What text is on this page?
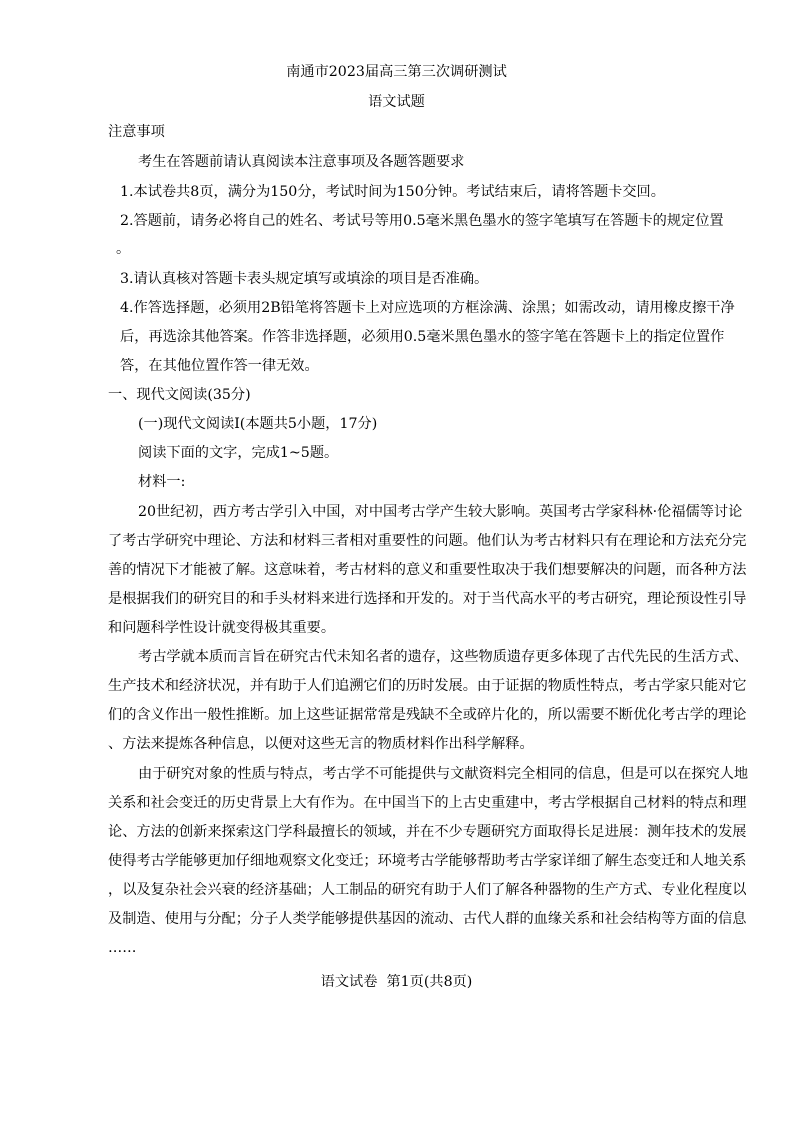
南通市2023届高三第三次调研测试
语文试题
注意事项
考生在答题前请认真阅读本注意事项及各题答题要求
1.本试卷共8页，满分为150分，考试时间为150分钟。考试结束后，请将答题卡交回。
2.答题前，请务必将自己的姓名、考试号等用0.5毫米黑色墨水的签字笔填写在答题卡的规定位置
。
3.请认真核对答题卡表头规定填写或填涂的项目是否准确。
4.作答选择题，必须用2B铅笔将答题卡上对应选项的方框涂满、涂黑；如需改动，请用橡皮擦干净
后，再选涂其他答案。作答非选择题，必须用0.5毫米黑色墨水的签字笔在答题卡上的指定位置作
答，在其他位置作答一律无效。
一、现代文阅读(35分)
(一)现代文阅读Ⅰ(本题共5小题，17分)
阅读下面的文字，完成1~5题。
材料一:
20世纪初，西方考古学引入中国，对中国考古学产生较大影响。英国考古学家科林·伦福儒等讨论
了考古学研究中理论、方法和材料三者相对重要性的问题。他们认为考古材料只有在理论和方法充分完
善的情况下才能被了解。这意味着，考古材料的意义和重要性取决于我们想要解决的问题，而各种方法
是根据我们的研究目的和手头材料来进行选择和开发的。对于当代高水平的考古研究，理论预设性引导
和问题科学性设计就变得极其重要。
考古学就本质而言旨在研究古代未知名者的遗存，这些物质遗存更多体现了古代先民的生活方式、
生产技术和经济状况，并有助于人们追溯它们的历时发展。由于证据的物质性特点，考古学家只能对它
们的含义作出一般性推断。加上这些证据常常是残缺不全或碎片化的，所以需要不断优化考古学的理论
、方法来提炼各种信息，以便对这些无言的物质材料作出科学解释。
由于研究对象的性质与特点，考古学不可能提供与文献资料完全相同的信息，但是可以在探究人地
关系和社会变迁的历史背景上大有作为。在中国当下的上古史重建中，考古学根据自己材料的特点和理
论、方法的创新来探索这门学科最擅长的领域，并在不少专题研究方面取得长足进展：测年技术的发展
使得考古学能够更加仔细地观察文化变迁；环境考古学能够帮助考古学家详细了解生态变迁和人地关系
，以及复杂社会兴衰的经济基础；人工制品的研究有助于人们了解各种器物的生产方式、专业化程度以
及制造、使用与分配；分子人类学能够提供基因的流动、古代人群的血缘关系和社会结构等方面的信息
……
语文试卷  第1页(共8页)
